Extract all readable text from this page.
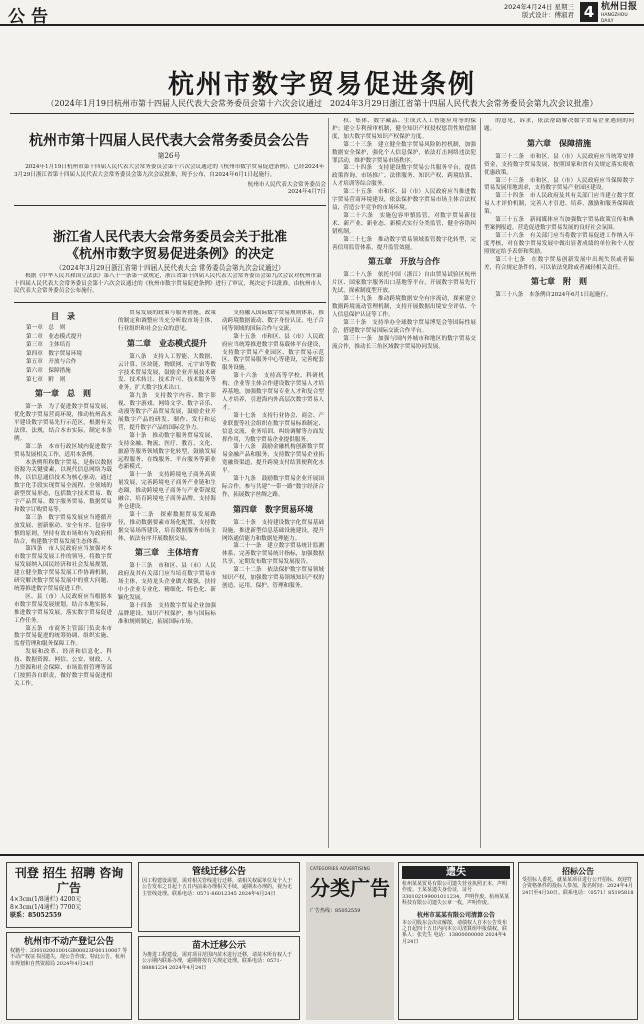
公告	2024年4月24日 星期三
版式设计：傅淑君 4 杭州日报
HANGZHOU DAILY
杭州市数字贸易促进条例
（2024年1月19日杭州市第十四届人民代表大会常务委员会第十六次会议通过　2024年3月29日浙江省第十四届人民代表大会常务委员会第九次会议批准）
杭州市第十四届人民代表大会常务委员会公告
第26号
2024年1月19日杭州市第十四届人民代表大会常务委员会第十六次会议通过的《杭州市数字贸易促进条例》，已经2024年3月29日浙江省第十四届人民代表大会常务委员会第九次会议批准，现予公布，自2024年6月1日起施行。
杭州市人民代表大会常务委员会
2024年4月7日
浙江省人民代表大会常务委员会关于批准
《杭州市数字贸易促进条例》的决定
（2024年3月29日浙江省第十四届人民代表大会 常务委员会第九次会议通过）
根据《中华人民共和国立法法》第八十一条第一款规定，浙江省第十四届人民代表大会常务委员会第九次会议对杭州市第十四届人民代表大会常务委员会第十六次会议通过的《杭州市数字贸易促进条例》进行了审议，现决定予以批准，由杭州市人民代表大会常务委员会公布施行。
目　录
第一章　总　则
第二章　业态模式提升
第三章　主体培育
第四章　数字贸易环境
第五章　开放与合作
第六章　保障措施
第七章　附　则
第一章　总　则

第一条　为了促进数字贸易发展，优化数字贸易营商环境，推动杭州高水平建设数字贸易先行示范区，根据有关法律、法规，结合本市实际，制定本条例。

第二条　本市行政区域内促进数字贸易发展相关工作，适用本条例。

本条例所称数字贸易，是指以数据资源为关键要素，以现代信息网络为载体，以信息通信技术为核心驱动，通过数字化手段实现贸易全流程、全领域的新型贸易形态，包括数字技术贸易、数字产品贸易、数字服务贸易、数据贸易和数字订购贸易等。

第三条　数字贸易发展应当遵循开放发展、创新驱动、安全有序、包容审慎的原则，坚持有效市场和有为政府相结合，构建数字贸易发展生态体系。

第四条　市人民政府应当加强对本市数字贸易发展工作的领导，将数字贸易发展纳入国民经济和社会发展规划，建立健全数字贸易发展工作协调机制，研究解决数字贸易发展中的重大问题，统筹推进数字贸易促进工作。

区、县（市）人民政府应当根据本市数字贸易发展规划，结合本地实际，推进数字贸易发展，落实数字贸易促进工作任务。

第五条　市商务主管部门负责本市数字贸易促进的统筹协调、组织实施、监督管理和服务保障工作。

发展和改革、经济和信息化、科技、数据资源、网信、公安、财政、人力资源和社会保障、市场监督管理等部门按照各自职责，做好数字贸易促进相关工作。

贸易发展的政策与服务措施。政策的制定和调整应当充分听取市场主体、行业组织和社会公众的意见。

第二章　业态模式提升

第八条　支持人工智能、大数据、云计算、区块链、物联网、元宇宙等数字技术贸易发展，鼓励企业开展技术研发、技术转让、技术许可、技术服务等业务，扩大数字技术出口。

第九条　支持数字内容、数字影视、数字游戏、网络文学、数字音乐、动漫等数字产品贸易发展，鼓励企业开展数字产品的研发、制作、发行和运营，提升数字产品的国际竞争力。

第十条　推动数字服务贸易发展，支持金融、物流、医疗、教育、文化、旅游等服务领域数字化转型，鼓励发展远程服务、在线服务、平台服务等新业态新模式。

第十一条　支持跨境电子商务高质量发展，完善跨境电子商务产业链和生态圈，推动跨境电子商务与产业带深度融合，培育跨境电子商务品牌，支持海外仓建设。

第十二条　探索数据贸易发展路径，推动数据要素市场化配置，支持数据交易场所建设，培育数据服务市场主体，依法有序开展数据交易。

第三章　主体培育

第十三条　市和区、县（市）人民政府及其有关部门应当培育数字贸易市场主体，支持龙头企业做大做强，扶持中小企业专业化、精细化、特色化、新颖化发展。

第十四条　支持数字贸易企业加强品牌建设、知识产权保护，参与国际标准和规则制定，拓展国际市场。

支持融入国际数字贸易规则体系，推动跨境数据流动、数字身份认证、电子合同等领域的国际合作与交流。

第十五条　市和区、县（市）人民政府应当统筹推进数字贸易载体平台建设，支持数字贸易产业园区、数字贸易示范区、数字贸易服务中心等建设，完善配套服务设施。

第十六条　支持高等学校、科研机构、企业等主体合作建设数字贸易人才培养基地，加强数字贸易专业人才和复合型人才培养，引进海内外高层次数字贸易人才。

第十七条　支持行业协会、商会、产业联盟等社会组织在数字贸易标准制定、信息交流、业务培训、纠纷调解等方面发挥作用，为数字贸易企业提供服务。

第十八条　鼓励金融机构创新数字贸易金融产品和服务，支持数字贸易企业拓宽融资渠道，提升跨境支付结算便利化水平。

第十九条　鼓励数字贸易企业开展国际合作，参与共建“一带一路”数字经济合作，拓展数字丝绸之路。

第四章　数字贸易环境

第二十条　支持建设数字化贸易基础设施，推进新型信息基础设施建设，提升网络通信能力和数据处理能力。

第二十一条　建立数字贸易统计监测体系，完善数字贸易统计指标，加强数据共享，定期发布数字贸易发展报告。

第二十二条　依法保护数字贸易领域知识产权，加强数字贸易领域知识产权的创造、运用、保护、管理和服务。

权、集体、数字藏品、生成式人工智能应用等的保护；建立专利预审机制，健全知识产权侵权惩罚性赔偿制度，加大数字贸易知识产权保护力度。

第二十三条　建立健全数字贸易风险防控机制，加强数据安全保护，强化个人信息保护，依法打击网络违法犯罪活动，维护数字贸易市场秩序。

第二十四条　支持建设数字贸易公共服务平台，提供政策咨询、市场推广、法律服务、知识产权、跨境结算、人才培训等综合服务。

第二十五条　市和区、县（市）人民政府应当推进数字贸易营商环境建设，依法保护数字贸易市场主体合法权益，营造公平竞争的市场环境。

第二十六条　实施包容审慎监管，对数字贸易新技术、新产业、新业态、新模式实行分类监管，健全容错纠错机制。

第二十七条　推动数字贸易领域监管数字化转型，完善信用监管体系，提升监管效能。

第五章　开放与合作

第二十八条　依托中国（浙江）自由贸易试验区杭州片区、国家数字服务出口基地等平台，开展数字贸易先行先试，探索制度型开放。

第二十九条　推动跨境数据安全有序流动，探索建立数据跨境流动管理机制，支持开展数据出境安全评估、个人信息保护认证等工作。

第三十条　支持举办全球数字贸易博览会等国际性展会，搭建数字贸易国际交流合作平台。

第三十一条　加强与国内外城市和地区的数字贸易交流合作，推动长三角区域数字贸易协同发展。

的意见，诉求，依法帮助解决数字贸易企业遇到的问题。

第六章　保障措施

第三十二条　市和区、县（市）人民政府应当统筹安排资金，支持数字贸易发展，按照国家和省有关规定落实税收优惠政策。

第三十三条　市和区、县（市）人民政府应当保障数字贸易发展用地需求，支持数字贸易产业园区建设。

第三十四条　市人民政府及其有关部门应当建立数字贸易人才评价机制，完善人才引进、培养、激励和服务保障政策。

第三十五条　新闻媒体应当加强数字贸易政策宣传和典型案例报道，营造促进数字贸易发展的良好社会氛围。

第三十六条　有关部门应当将数字贸易促进工作纳入年度考核，对在数字贸易发展中做出显著成绩的单位和个人按照规定给予表彰和奖励。

第三十七条　在数字贸易创新发展中出现失误或者偏差，符合规定条件的，可以依法免除或者减轻相关责任。

第七章　附　则

第三十八条　本条例自2024年6月1日起施行。

刊登 招生 招聘 咨询 广告
4×3cm(1/8通栏) 4200元
8×3cm(1/4通栏) 7700元
联系：85052559
杭州市不动产登记公告
权籍号：330102001001GB00023F00110007 等不动产权证书因遗失，现公告作废。特此公告。杭州市规划和自然资源局 2024年4月24日
管线迁移公告
因工程建设需要，需对相关管线进行迁移，请相关权属单位及个人于公告发布之日起十五日内前来办理相关手续，逾期未办理的，视为无主管线处理。联系电话：0571-86012345 2024年4月24日
苗木迁移公示
为推进工程建设，需对项目范围内苗木进行迁移，请苗木所有权人于公示期内联系办理，逾期将按有关规定处理。联系电话：0571-88881234 2024年4月24日
CATEGORIES ADVERTISING
分类广告
广告热线：85052559
遗失
杭州某某贸易有限公司遗失营业执照正本，声明作废。王某某遗失身份证，证号330102199001011234，声明作废。杭州某某科技有限公司遗失公章一枚，声明作废。
杭州市某某有限公司清算公告
本公司股东会决议解散，请债权人自本公告发布之日起四十五日内向本公司清算组申报债权。联系人：张先生 电话：13800000000 2024年4月24日
招标公告
受招标人委托，就某某项目进行公开招标，欢迎符合资格条件的投标人参加。报名时间：2024年4月24日至4月30日。联系电话：（0571）85195818
